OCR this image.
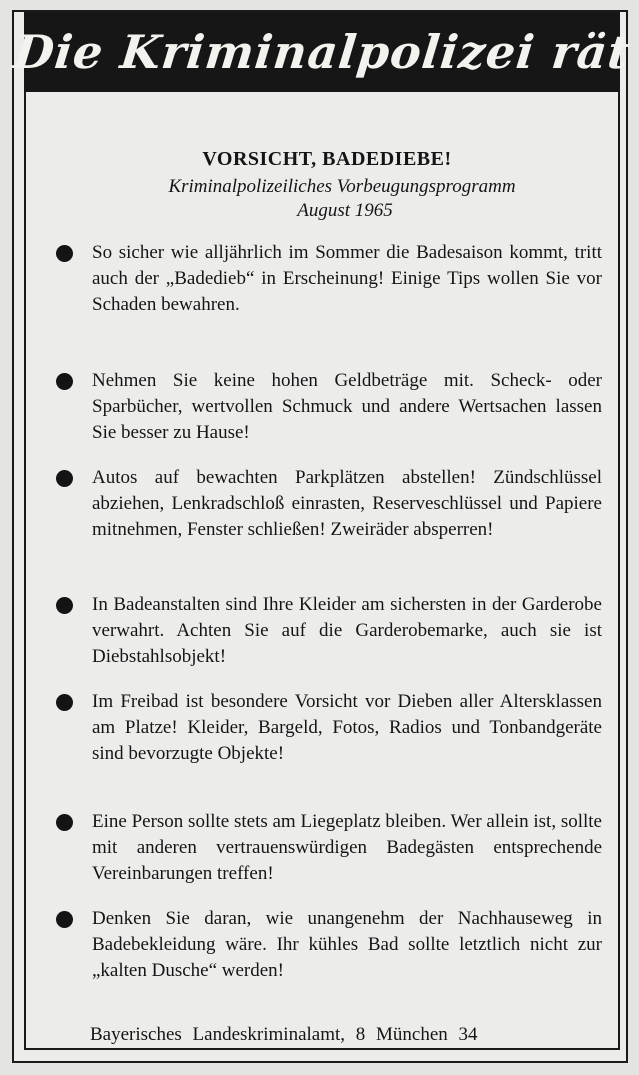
Die Kriminalpolizei rät
VORSICHT, BADEDIEBE!
Kriminalpolizeiliches Vorbeugungsprogramm
August 1965
So sicher wie alljährlich im Sommer die Badesaison kommt, tritt auch der „Badedieb“ in Erscheinung! Einige Tips wollen Sie vor Schaden bewahren.
Nehmen Sie keine hohen Geldbeträge mit. Scheck- oder Sparbücher, wertvollen Schmuck und andere Wertsachen lassen Sie besser zu Hause!
Autos auf bewachten Parkplätzen abstellen! Zündschlüssel abziehen, Lenkradschloß einrasten, Reserveschlüssel und Papiere mitnehmen, Fenster schließen! Zweiräder absperren!
In Badeanstalten sind Ihre Kleider am sichersten in der Garderobe verwahrt. Achten Sie auf die Garderobemarke, auch sie ist Diebstahlsobjekt!
Im Freibad ist besondere Vorsicht vor Dieben aller Altersklassen am Platze! Kleider, Bargeld, Fotos, Radios und Tonbandgeräte sind bevorzugte Objekte!
Eine Person sollte stets am Liegeplatz bleiben. Wer allein ist, sollte mit anderen vertrauenswürdigen Badegästen entsprechende Vereinbarungen treffen!
Denken Sie daran, wie unangenehm der Nachhauseweg in Badebekleidung wäre. Ihr kühles Bad sollte letztlich nicht zur „kalten Dusche“ werden!
Bayerisches Landeskriminalamt, 8 München 34
